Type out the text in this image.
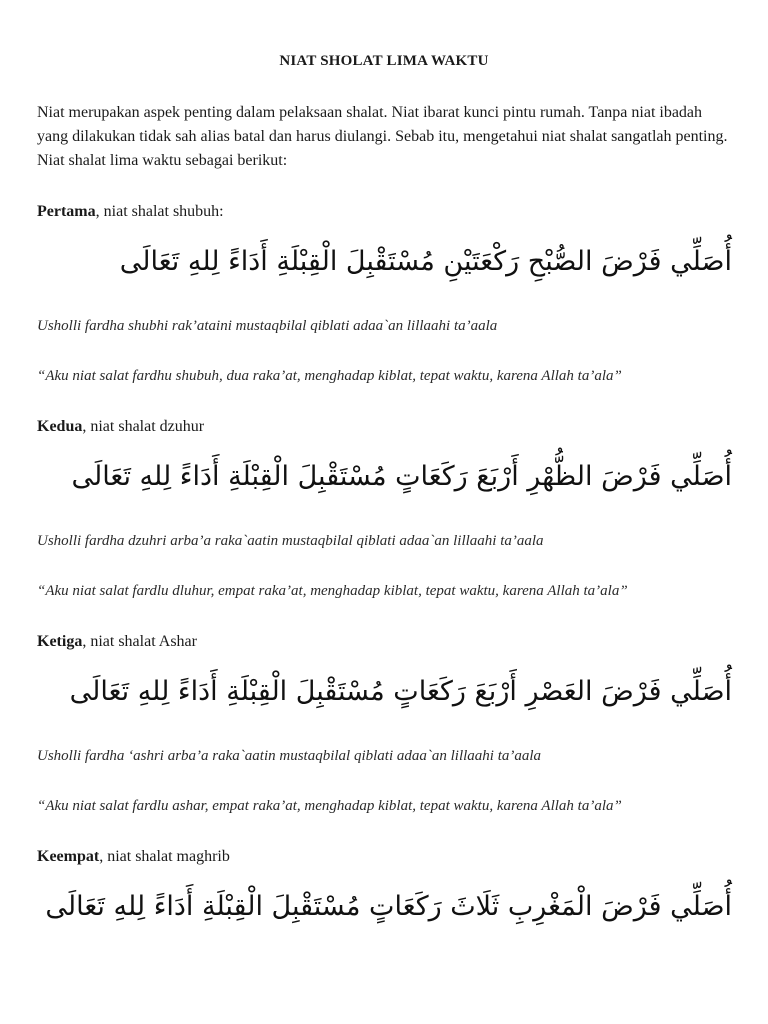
NIAT SHOLAT LIMA WAKTU
Niat merupakan aspek penting dalam pelaksaan shalat. Niat ibarat kunci pintu rumah. Tanpa niat ibadah yang dilakukan tidak sah alias batal dan harus diulangi. Sebab itu, mengetahui niat shalat sangatlah penting. Niat shalat lima waktu sebagai berikut:
Pertama, niat shalat shubuh:
أُصَلِّي فَرْضَ الصُّبْحِ رَكْعَتَيْنِ مُسْتَقْبِلَ الْقِبْلَةِ أَدَاءً لِلهِ تَعَالَى
Usholli fardha shubhi rak’ataini mustaqbilal qiblati adaa`an lillaahi ta’aala
“Aku niat salat fardhu shubuh, dua raka’at, menghadap kiblat, tepat waktu, karena Allah ta’ala”
Kedua, niat shalat dzuhur
أُصَلِّي فَرْضَ الظُّهْرِ أَرْبَعَ رَكَعَاتٍ مُسْتَقْبِلَ الْقِبْلَةِ أَدَاءً لِلهِ تَعَالَى
Usholli fardha dzuhri arba’a raka`aatin mustaqbilal qiblati adaa`an lillaahi ta’aala
“Aku niat salat fardlu dluhur, empat raka’at, menghadap kiblat, tepat waktu, karena Allah ta’ala”
Ketiga, niat shalat Ashar
أُصَلِّي فَرْضَ العَصْرِ أَرْبَعَ رَكَعَاتٍ مُسْتَقْبِلَ الْقِبْلَةِ أَدَاءً لِلهِ تَعَالَى
Usholli fardha ‘ashri arba’a raka`aatin mustaqbilal qiblati adaa`an lillaahi ta’aala
“Aku niat salat fardlu ashar, empat raka’at, menghadap kiblat, tepat waktu, karena Allah ta’ala”
Keempat, niat shalat maghrib
أُصَلِّي فَرْضَ الْمَغْرِبِ ثَلَاثَ رَكَعَاتٍ مُسْتَقْبِلَ الْقِبْلَةِ أَدَاءً لِلهِ تَعَالَى
